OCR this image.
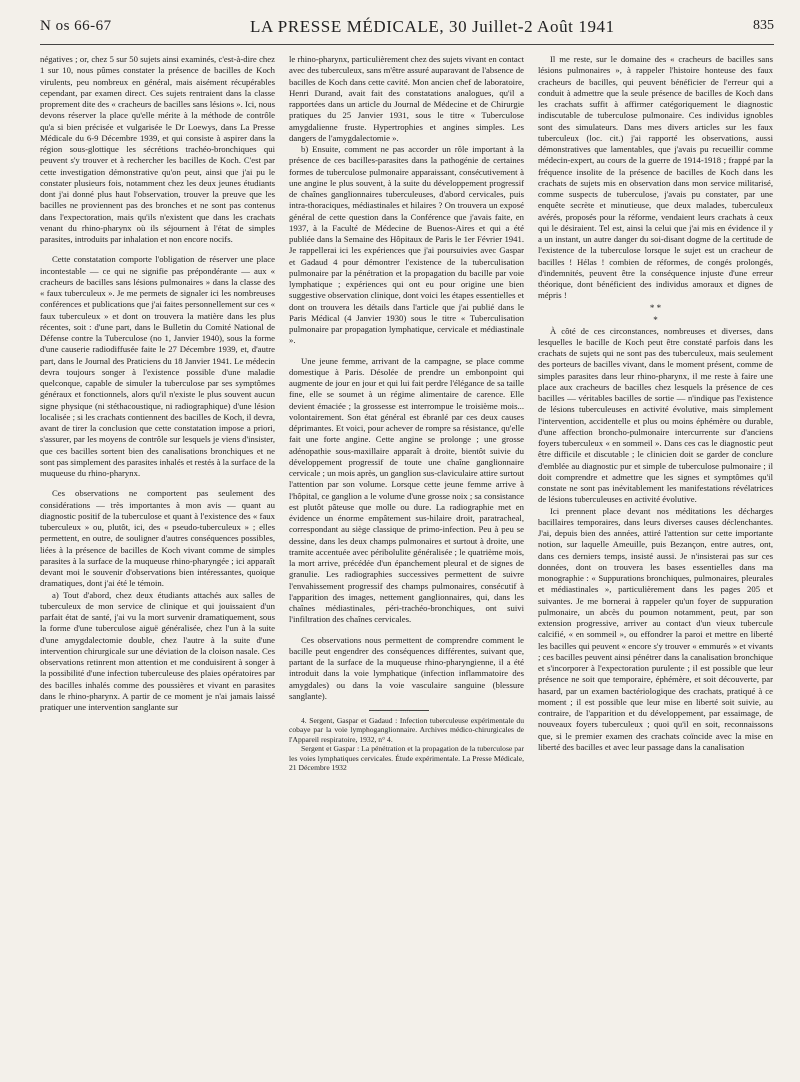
N os 66-67	LA PRESSE MÉDICALE, 30 Juillet-2 Août 1941	835

négatives ; or, chez 5 sur 50 sujets ainsi examinés, c'est-à-dire chez 1 sur 10, nous pûmes constater la présence de bacilles de Koch virulents, peu nombreux en général, mais aisément récupérables cependant, par examen direct. Ces sujets rentraient dans la classe proprement dite des « cracheurs de bacilles sans lésions ». Ici, nous devons réserver la place qu'elle mérite à la méthode de contrôle qu'a si bien précisée et vulgarisée le Dr Loewys, dans La Presse Médicale du 6-9 Décembre 1939, et qui consiste à aspirer dans la région sous-glottique les sécrétions trachéo-bronchiques qui peuvent s'y trouver et à rechercher les bacilles de Koch. C'est par cette investigation démonstrative qu'on peut, ainsi que j'ai pu le constater plusieurs fois, notamment chez les deux jeunes étudiants dont j'ai donné plus haut l'observation, trouver la preuve que les bacilles ne proviennent pas des bronches et ne sont pas contenus dans l'expectoration, mais qu'ils n'existent que dans les crachats venant du rhino-pharynx où ils séjournent à l'état de simples parasites, introduits par inhalation et non encore nocifs.

Cette constatation comporte l'obligation de réserver une place incontestable — ce qui ne signifie pas prépondérante — aux « cracheurs de bacilles sans lésions pulmonaires » dans la classe des « faux tuberculeux ». Je me permets de signaler ici les nombreuses conférences et publications que j'ai faites personnellement sur ces « faux tuberculeux » et dont on trouvera la matière dans les plus récentes, soit : d'une part, dans le Bulletin du Comité National de Défense contre la Tuberculose (no 1, Janvier 1940), sous la forme d'une causerie radiodiffusée faite le 27 Décembre 1939, et, d'autre part, dans le Journal des Praticiens du 18 Janvier 1941. Le médecin devra toujours songer à l'existence possible d'une maladie quelconque, capable de simuler la tuberculose par ses symptômes généraux et fonctionnels, alors qu'il n'existe le plus souvent aucun signe physique (ni stéthacoustique, ni radiographique) d'une lésion localisée ; si les crachats contiennent des bacilles de Koch, il devra, avant de tirer la conclusion que cette constatation impose a priori, s'assurer, par les moyens de contrôle sur lesquels je viens d'insister, que ces bacilles sortent bien des canalisations bronchiques et ne sont pas simplement des parasites inhalés et restés à la surface de la muqueuse du rhino-pharynx.

Ces observations ne comportent pas seulement des considérations — très importantes à mon avis — quant au diagnostic positif de la tuberculose et quant à l'existence des « faux tuberculeux » ou, plutôt, ici, des « pseudo-tuberculeux » ; elles permettent, en outre, de souligner d'autres conséquences possibles, liées à la présence de bacilles de Koch vivant comme de simples parasites à la surface de la muqueuse rhino-pharyngée ; ici apparaît devant moi le souvenir d'observations bien intéressantes, quoique dramatiques, dont j'ai été le témoin.

a) Tout d'abord, chez deux étudiants attachés aux salles de tuberculeux de mon service de clinique et qui jouissaient d'un parfait état de santé, j'ai vu la mort survenir dramatiquement, sous la forme d'une tuberculose aiguë généralisée, chez l'un à la suite d'une amygdalectomie double, chez l'autre à la suite d'une intervention chirurgicale sur une déviation de la cloison nasale. Ces observations retinrent mon attention et me conduisirent à songer à la possibilité d'une infection tuberculeuse des plaies opératoires par des bacilles inhalés comme des poussières et vivant en parasites dans le rhino-pharynx. A partir de ce moment je n'ai jamais laissé pratiquer une intervention sanglante sur

le rhino-pharynx, particulièrement chez des sujets vivant en contact avec des tuberculeux, sans m'être assuré auparavant de l'absence de bacilles de Koch dans cette cavité. Mon ancien chef de laboratoire, Henri Durand, avait fait des constatations analogues, qu'il a rapportées dans un article du Journal de Médecine et de Chirurgie pratiques du 25 Janvier 1931, sous le titre « Tuberculose amygdalienne fruste. Hypertrophies et angines simples. Les dangers de l'amygdalectomie ».

b) Ensuite, comment ne pas accorder un rôle important à la présence de ces bacilles-parasites dans la pathogénie de certaines formes de tuberculose pulmonaire apparaissant, consécutivement à une angine le plus souvent, à la suite du développement progressif de chaînes ganglionnaires tuberculeuses, d'abord cervicales, puis intra-thoraciques, médiastinales et hilaires ? On trouvera un exposé général de cette question dans la Conférence que j'avais faite, en 1937, à la Faculté de Médecine de Buenos-Aires et qui a été publiée dans la Semaine des Hôpitaux de Paris le 1er Février 1941. Je rappellerai ici les expériences que j'ai poursuivies avec Gaspar et Gadaud 4 pour démontrer l'existence de la tuberculisation pulmonaire par la pénétration et la propagation du bacille par voie lymphatique ; expériences qui ont eu pour origine une bien suggestive observation clinique, dont voici les étapes essentielles et dont on trouvera les détails dans l'article que j'ai publié dans le Paris Médical (4 Janvier 1930) sous le titre « Tuberculisation pulmonaire par propagation lymphatique, cervicale et médiastinale ».

Une jeune femme, arrivant de la campagne, se place comme domestique à Paris. Désolée de prendre un embonpoint qui augmente de jour en jour et qui lui fait perdre l'élégance de sa taille fine, elle se soumet à un régime alimentaire de carence. Elle devient émaciée ; la grossesse est interrompue le troisième mois... volontairement. Son état général est ébranlé par ces deux causes déprimantes. Et voici, pour achever de rompre sa résistance, qu'elle fait une forte angine. Cette angine se prolonge ; une grosse adénopathie sous-maxillaire apparaît à droite, bientôt suivie du développement progressif de toute une chaîne ganglionnaire cervicale ; un mois après, un ganglion sus-claviculaire attire surtout l'attention par son volume. Lorsque cette jeune femme arrive à l'hôpital, ce ganglion a le volume d'une grosse noix ; sa consistance est plutôt pâteuse que molle ou dure. La radiographie met en évidence un énorme empâtement sus-hilaire droit, paratracheal, correspondant au siège classique de primo-infection. Peu à peu se dessine, dans les deux champs pulmonaires et surtout à droite, une tramite accentuée avec péribolulite généralisée ; le quatrième mois, la mort arrive, précédée d'un épanchement pleural et de signes de granulie. Les radiographies successives permettent de suivre l'envahissement progressif des champs pulmonaires, consécutif à l'apparition des images, nettement ganglionnaires, qui, dans les chaînes médiastinales, péri-trachéo-bronchiques, ont suivi l'infiltration des chaînes cervicales.

Ces observations nous permettent de comprendre comment le bacille peut engendrer des conséquences différentes, suivant que, partant de la surface de la muqueuse rhino-pharyngienne, il a été introduit dans la voie lymphatique (infection inflammatoire des amygdales) ou dans la voie vasculaire sanguine (blessure sanglante).

4. Sergent, Gaspar et Gadaud : Infection tuberculeuse expérimentale du cobaye par la voie lymphoganglionnaire. Archives médico-chirurgicales de l'Appareil respiratoire, 1932, n° 4.

Sergent et Gaspar : La pénétration et la propagation de la tuberculose par les voies lymphatiques cervicales. Étude expérimentale. La Presse Médicale, 21 Décembre 1932

Il me reste, sur le domaine des « cracheurs de bacilles sans lésions pulmonaires », à rappeler l'histoire honteuse des faux cracheurs de bacilles, qui peuvent bénéficier de l'erreur qui a conduit à admettre que la seule présence de bacilles de Koch dans les crachats suffit à affirmer catégoriquement le diagnostic indiscutable de tuberculose pulmonaire. Ces individus ignobles sont des simulateurs. Dans mes divers articles sur les faux tuberculeux (loc. cit.) j'ai rapporté les observations, aussi démonstratives que lamentables, que j'avais pu recueillir comme médecin-expert, au cours de la guerre de 1914-1918 ; frappé par la fréquence insolite de la présence de bacilles de Koch dans les crachats de sujets mis en observation dans mon service militarisé, comme suspects de tuberculose, j'avais pu constater, par une enquête secrète et minutieuse, que deux malades, tuberculeux avérés, proposés pour la réforme, vendaient leurs crachats à ceux qui le désiraient. Tel est, ainsi la celui que j'ai mis en évidence il y a un instant, un autre danger du soi-disant dogme de la certitude de l'existence de la tuberculose lorsque le sujet est un cracheur de bacilles ! Hélas ! combien de réformes, de congés prolongés, d'indemnités, peuvent être la conséquence injuste d'une erreur théorique, dont bénéficient des individus amoraux et dignes de mépris !

* *
*

À côté de ces circonstances, nombreuses et diverses, dans lesquelles le bacille de Koch peut être constaté parfois dans les crachats de sujets qui ne sont pas des tuberculeux, mais seulement des porteurs de bacilles vivant, dans le moment présent, comme de simples parasites dans leur rhino-pharynx, il me reste à faire une place aux cracheurs de bacilles chez lesquels la présence de ces bacilles — véritables bacilles de sortie — n'indique pas l'existence de lésions tuberculeuses en activité évolutive, mais simplement l'intervention, accidentelle et plus ou moins éphémère ou durable, d'une affection broncho-pulmonaire intercurrente sur d'anciens foyers tuberculeux « en sommeil ». Dans ces cas le diagnostic peut être difficile et discutable ; le clinicien doit se garder de conclure d'emblée au diagnostic pur et simple de tuberculose pulmonaire ; il doit comprendre et admettre que les signes et symptômes qu'il constate ne sont pas inévitablement les manifestations révélatrices de lésions tuberculeuses en activité évolutive.

Ici prennent place devant nos méditations les décharges bacillaires temporaires, dans leurs diverses causes déclenchantes. J'ai, depuis bien des années, attiré l'attention sur cette importante notion, sur laquelle Ameuille, puis Bezançon, entre autres, ont, dans ces derniers temps, insisté aussi. Je n'insisterai pas sur ces données, dont on trouvera les bases essentielles dans ma monographie : « Suppurations bronchiques, pulmonaires, pleurales et médiastinales », particulièrement dans les pages 205 et suivantes. Je me bornerai à rappeler qu'un foyer de suppuration pulmonaire, un abcès du poumon notamment, peut, par son extension progressive, arriver au contact d'un vieux tubercule calcifié, « en sommeil », ou effondrer la paroi et mettre en liberté les bacilles qui peuvent « encore s'y trouver « emmurés » et vivants ; ces bacilles peuvent ainsi pénétrer dans la canalisation bronchique et s'incorporer à l'expectoration purulente ; il est possible que leur présence ne soit que temporaire, éphémère, et soit découverte, par hasard, par un examen bactériologique des crachats, pratiqué à ce moment ; il est possible que leur mise en liberté soit suivie, au contraire, de l'apparition et du développement, par essaimage, de nouveaux foyers tuberculeux ; quoi qu'il en soit, reconnaissons que, si le premier examen des crachats coïncide avec la mise en liberté des bacilles et avec leur passage dans la canalisation
